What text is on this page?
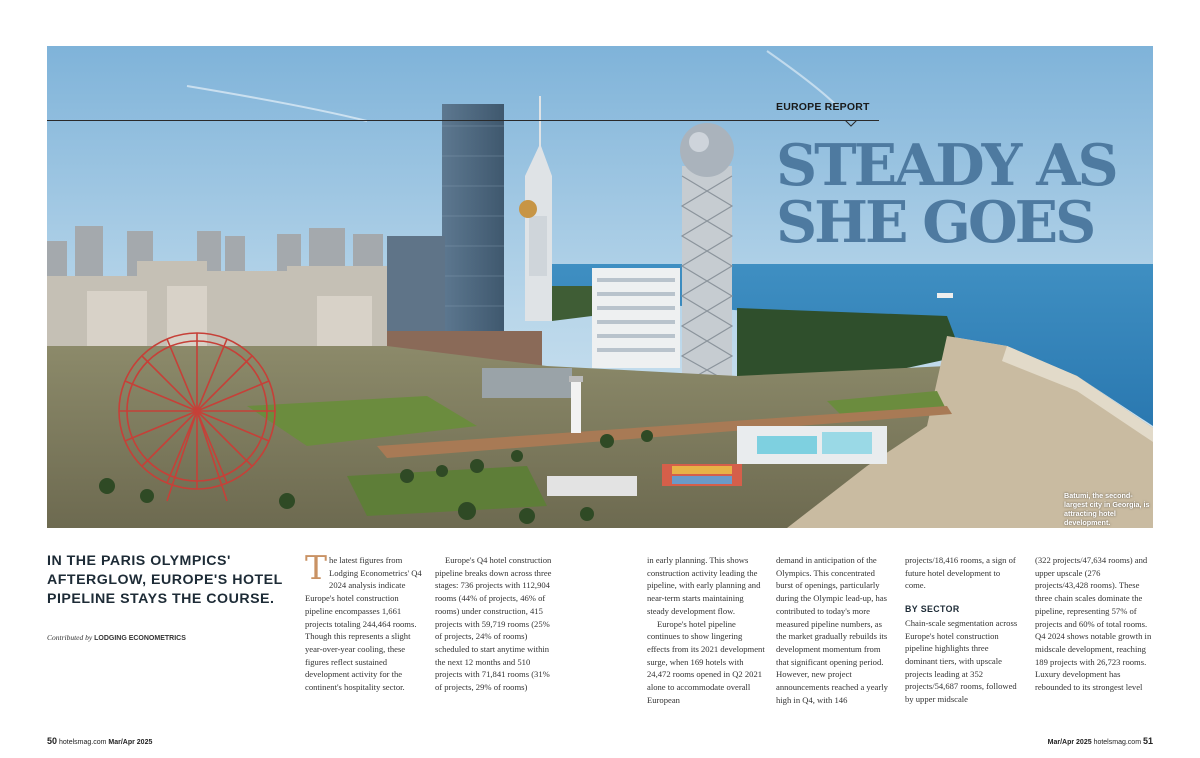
EUROPE REPORT
STEADY AS
SHE GOES
Batumi, the second-largest city in Georgia, is attracting hotel development.
IN THE PARIS OLYMPICS' AFTERGLOW, EUROPE'S HOTEL PIPELINE STAYS THE COURSE.
Contributed by LODGING ECONOMETRICS
T he latest figures from Lodging Econometrics' Q4 2024 analysis indicate Europe's hotel construction pipeline encompasses 1,661 projects totaling 244,464 rooms. Though this represents a slight year-over-year cooling, these figures reflect sustained development activity for the continent's hospitality sector.

Europe's Q4 hotel construction pipeline breaks down across three stages: 736 projects with 112,904 rooms (44% of projects, 46% of rooms) under construction, 415 projects with 59,719 rooms (25% of projects, 24% of rooms) scheduled to start anytime within the next 12 months and 510 projects with 71,841 rooms (31% of projects, 29% of rooms)

in early planning. This shows construction activity leading the pipeline, with early planning and near-term starts maintaining steady development flow.

Europe's hotel pipeline continues to show lingering effects from its 2021 development surge, when 169 hotels with 24,472 rooms opened in Q2 2021 alone to accommodate overall European

demand in anticipation of the Olympics. This concentrated burst of openings, particularly during the Olympic lead-up, has contributed to today's more measured pipeline numbers, as the market gradually rebuilds its development momentum from that significant opening period. However, new project announcements reached a yearly high in Q4, with 146

projects/18,416 rooms, a sign of future hotel development to come.

BY SECTOR

Chain-scale segmentation across Europe's hotel construction pipeline highlights three dominant tiers, with upscale projects leading at 352 projects/54,687 rooms, followed by upper midscale

(322 projects/47,634 rooms) and upper upscale (276 projects/43,428 rooms). These three chain scales dominate the pipeline, representing 57% of projects and 60% of total rooms. Q4 2024 shows notable growth in midscale development, reaching 189 projects with 26,723 rooms. Luxury development has rebounded to its strongest level

50 hotelsmag.com Mar/Apr 2025	Mar/Apr 2025 hotelsmag.com 51
